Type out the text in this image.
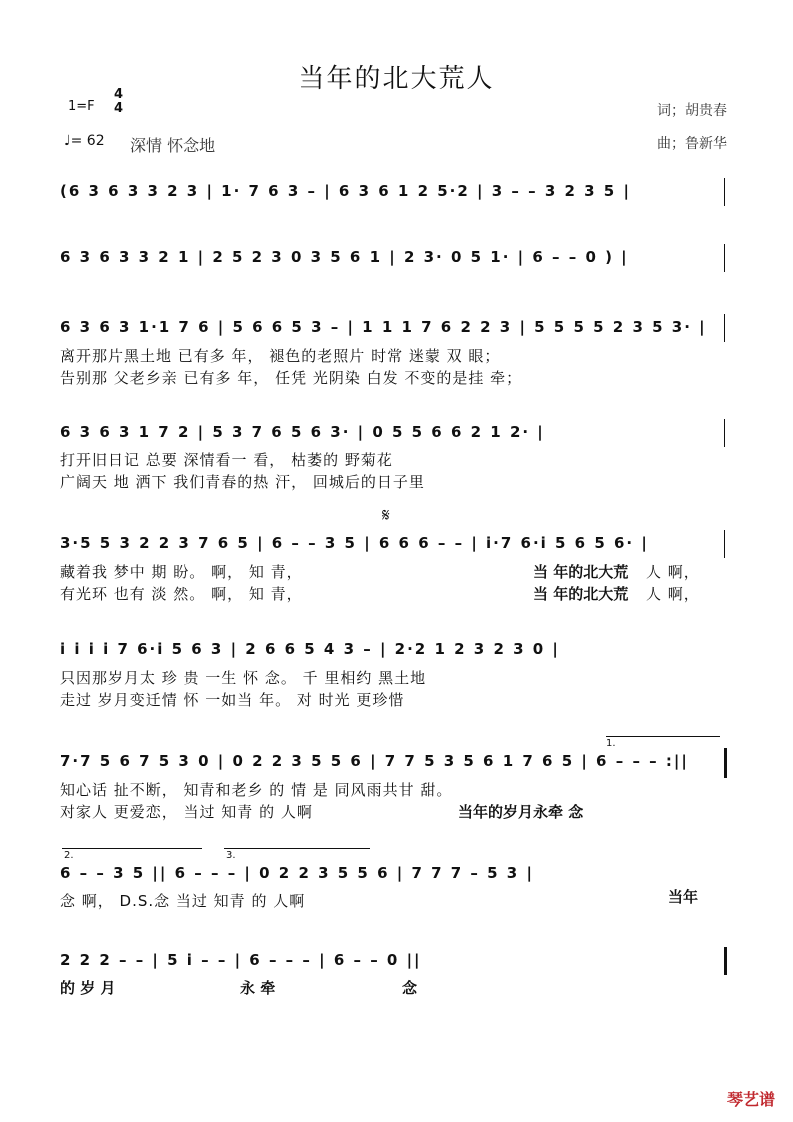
当年的北大荒人
1=F
4
4
♩= 62 深情 怀念地
词；胡贵春
曲；鲁新华
(6 3 6 3 3 2 3 | 1· 7 6 3 – | 6 3 6 1 2 5·2 | 3 – – 3 2 3 5 |
6 3 6 3 3 2 1 | 2 5 2 3 0 3 5 6 1 | 2 3· 0 5 1· | 6 – – 0 ) |
6 3 6 3 1·1 7 6 | 5 6 6 5 3 – | 1 1 1 7 6 2 2 3 | 5 5 5 5 2 3 5 3· |
离开那片黑土地 已有多 年， 褪色的老照片 时常 迷蒙 双 眼；
告别那 父老乡亲 已有多 年， 任凭 光阴染 白发 不变的是挂 牵；
6 3 6 3 1 7 2 | 5 3 7 6 5 6 3· | 0 5 5 6 6 2 1 2· |
打开旧日记 总要 深情看一 看， 枯萎的 野菊花
广阔天 地 洒下 我们青春的热 汗， 回城后的日子里
𝄋
3·5 5 3 2 2 3 7 6 5 | 6 – – 3 5 | 6 6 6 – – | i·7 6·i 5 6 5 6· |
藏着我 梦中 期 盼。 啊， 知 青，
有光环 也有 淡 然。 啊， 知 青，
当 年的北大荒
当 年的北大荒
人 啊，
人 啊，
i i i i 7 6·i 5 6 3 | 2 6 6 5 4 3 – | 2·2 1 2 3 2 3 0 |
只因那岁月太 珍 贵 一生 怀 念。 千 里相约 黑土地
走过 岁月变迁情 怀 一如当 年。 对 时光 更珍惜
1.
7·7 5 6 7 5 3 0 | 0 2 2 3 5 5 6 | 7 7 5 3 5 6 1 7 6 5 | 6 – – – :||
知心话 扯不断， 知青和老乡 的 情 是 同风雨共甘 甜。
对家人 更爱恋， 当过 知青 的 人啊	当年的岁月永牵 念
2.	3.
6 – – 3 5 || 6 – – – | 0 2 2 3 5 5 6 | 7 7 7 – 5 3 |
念 啊， D.S.念 当过 知青 的 人啊	当年
2 2 2 – – | 5 i – – | 6 – – – | 6 – – 0 ||
的 岁 月	永 牵	念
琴艺谱
